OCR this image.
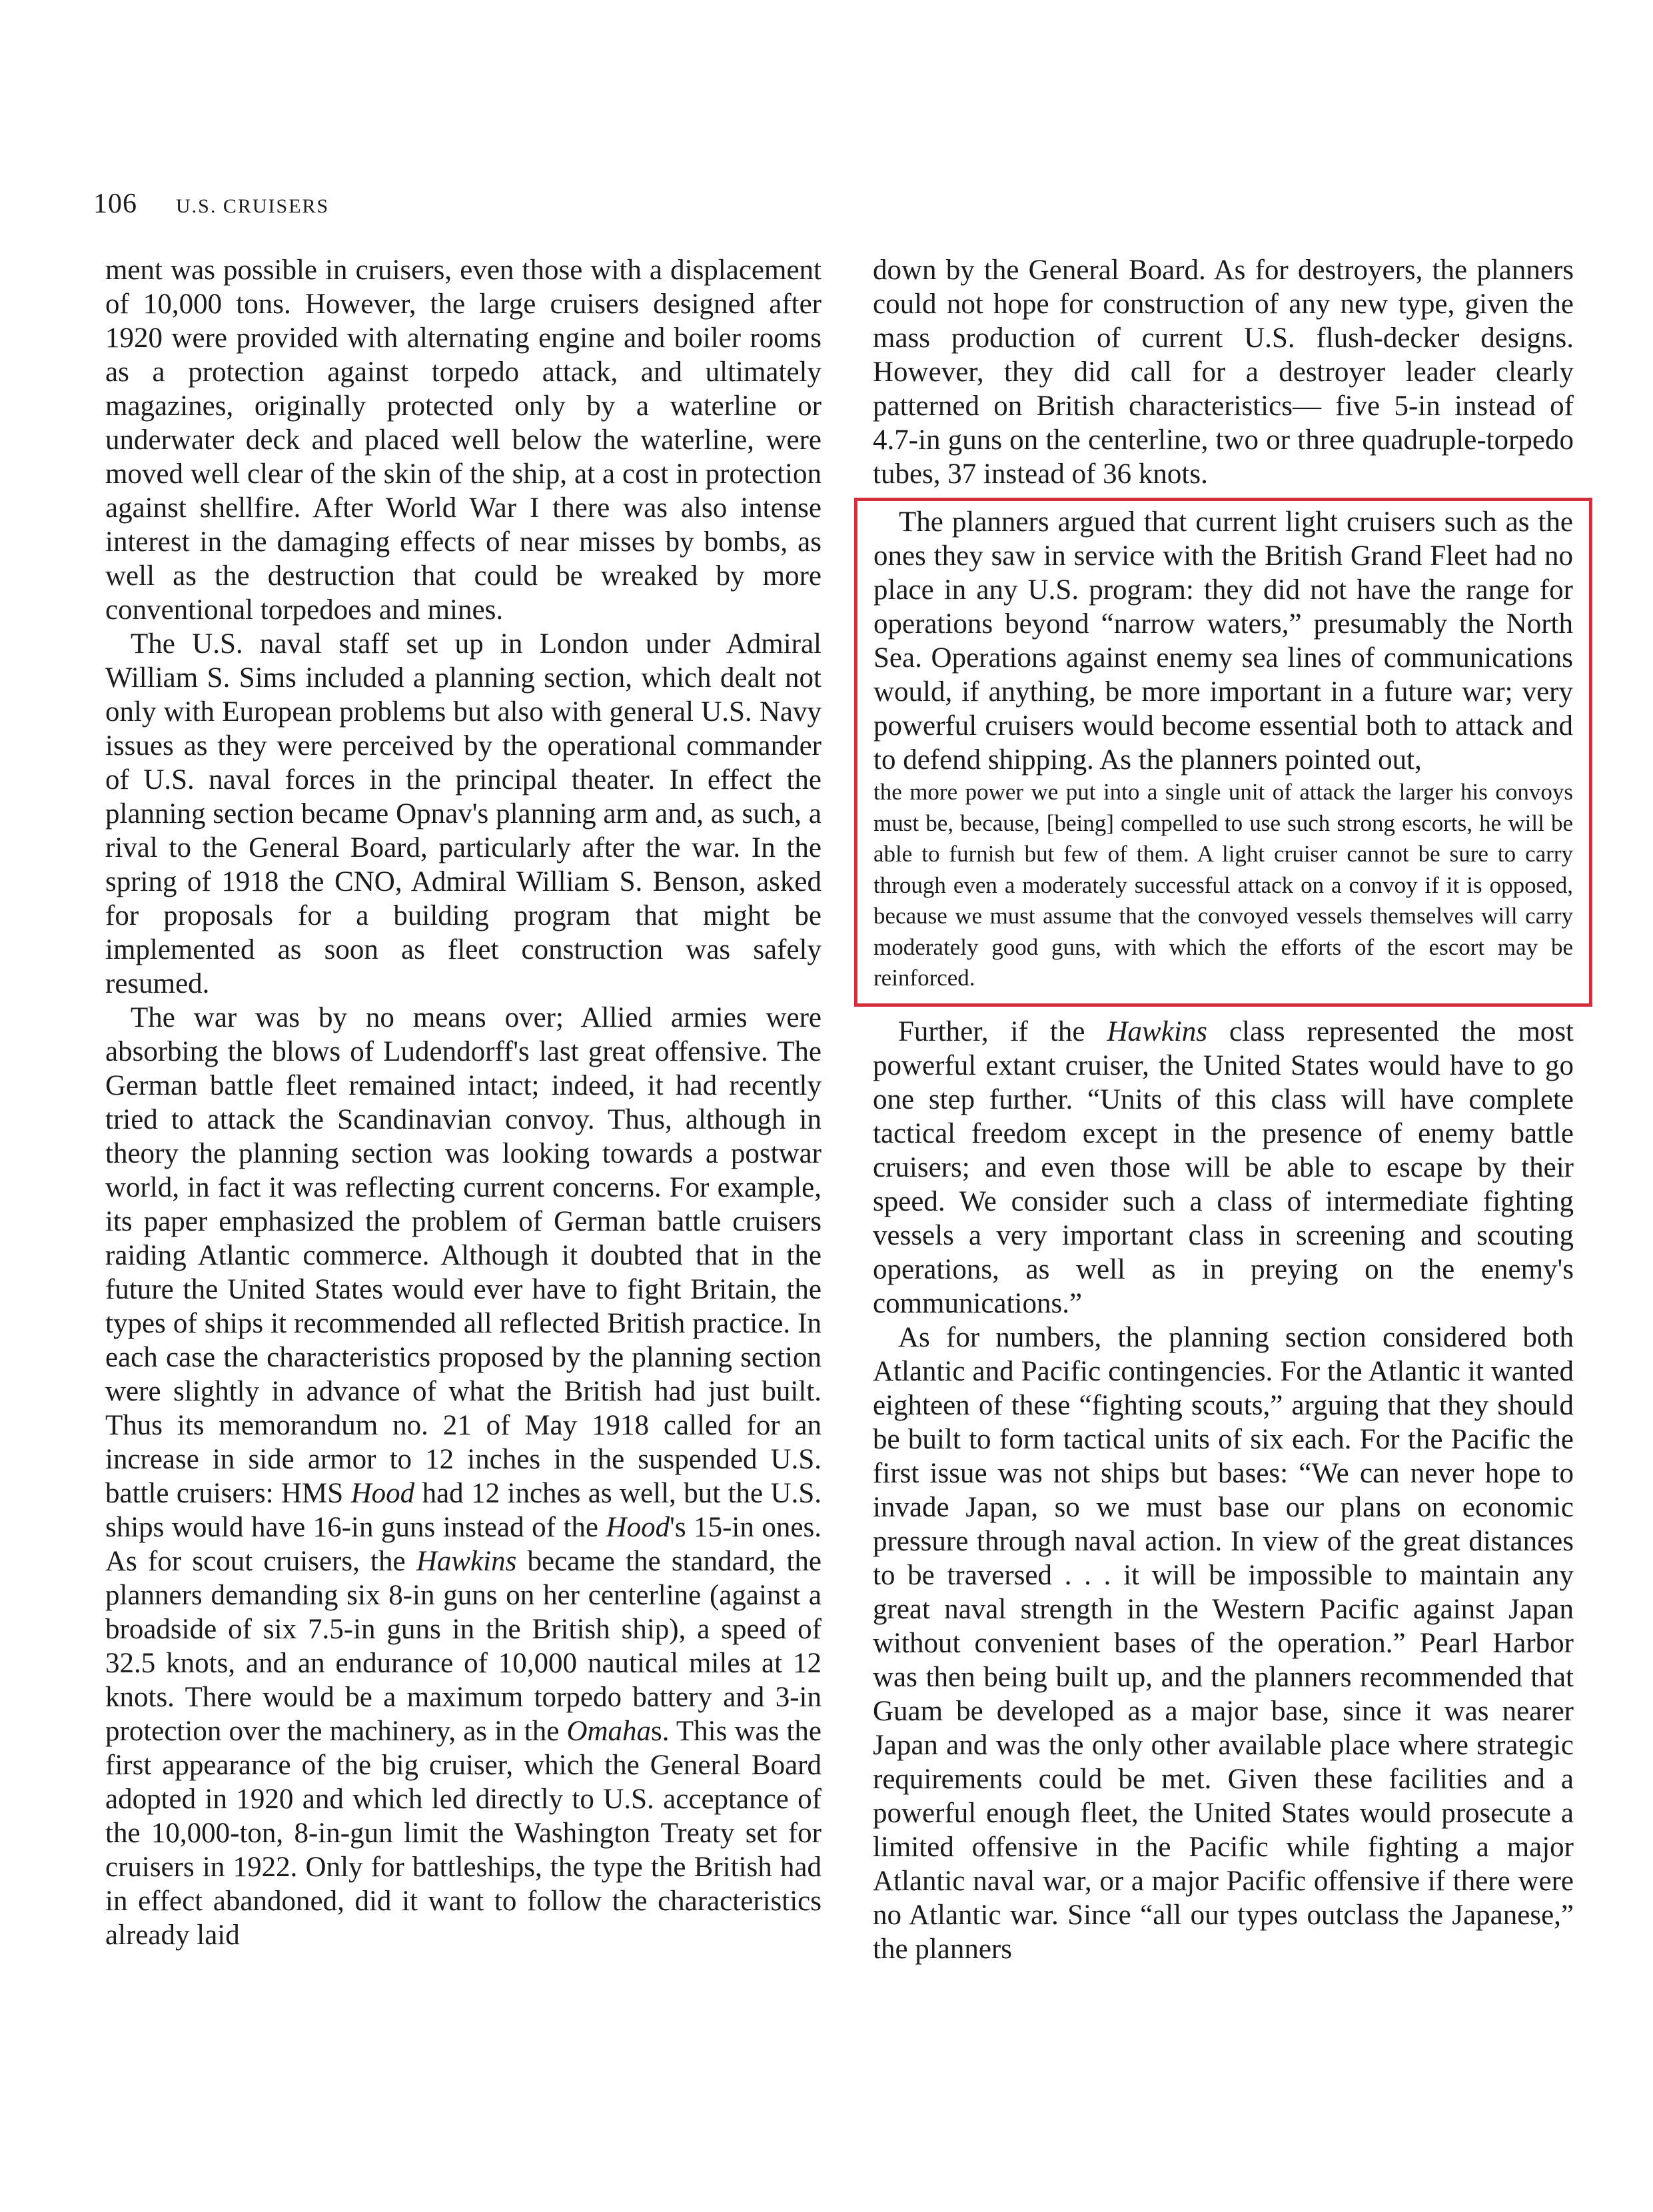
106 U.S. CRUISERS

ment was possible in cruisers, even those with a displacement of 10,000 tons. However, the large cruisers designed after 1920 were provided with alternating engine and boiler rooms as a protection against torpedo attack, and ultimately magazines, originally protected only by a waterline or underwater deck and placed well below the waterline, were moved well clear of the skin of the ship, at a cost in protection against shellfire. After World War I there was also intense interest in the damaging effects of near misses by bombs, as well as the destruction that could be wreaked by more conventional torpedoes and mines.

The U.S. naval staff set up in London under Admiral William S. Sims included a planning section, which dealt not only with European problems but also with general U.S. Navy issues as they were perceived by the operational commander of U.S. naval forces in the principal theater. In effect the planning section became Opnav's planning arm and, as such, a rival to the General Board, particularly after the war. In the spring of 1918 the CNO, Admiral William S. Benson, asked for proposals for a building program that might be implemented as soon as fleet construction was safely resumed.

The war was by no means over; Allied armies were absorbing the blows of Ludendorff's last great offensive. The German battle fleet remained intact; indeed, it had recently tried to attack the Scandinavian convoy. Thus, although in theory the planning section was looking towards a postwar world, in fact it was reflecting current concerns. For example, its paper emphasized the problem of German battle cruisers raiding Atlantic commerce. Although it doubted that in the future the United States would ever have to fight Britain, the types of ships it recommended all reflected British practice. In each case the characteristics proposed by the planning section were slightly in advance of what the British had just built. Thus its memorandum no. 21 of May 1918 called for an increase in side armor to 12 inches in the suspended U.S. battle cruisers: HMS Hood had 12 inches as well, but the U.S. ships would have 16-in guns instead of the Hood's 15-in ones. As for scout cruisers, the Hawkins became the standard, the planners demanding six 8-in guns on her centerline (against a broadside of six 7.5-in guns in the British ship), a speed of 32.5 knots, and an endurance of 10,000 nautical miles at 12 knots. There would be a maximum torpedo battery and 3-in protection over the machinery, as in the Omahas. This was the first appearance of the big cruiser, which the General Board adopted in 1920 and which led directly to U.S. acceptance of the 10,000-ton, 8-in-gun limit the Washington Treaty set for cruisers in 1922. Only for battleships, the type the British had in effect abandoned, did it want to follow the characteristics already laid

down by the General Board. As for destroyers, the planners could not hope for construction of any new type, given the mass production of current U.S. flush-decker designs. However, they did call for a destroyer leader clearly patterned on British characteristics— five 5-in instead of 4.7-in guns on the centerline, two or three quadruple-torpedo tubes, 37 instead of 36 knots.

The planners argued that current light cruisers such as the ones they saw in service with the British Grand Fleet had no place in any U.S. program: they did not have the range for operations beyond “narrow waters,” presumably the North Sea. Operations against enemy sea lines of communications would, if anything, be more important in a future war; very powerful cruisers would become essential both to attack and to defend shipping. As the planners pointed out,

the more power we put into a single unit of attack the larger his convoys must be, because, [being] compelled to use such strong escorts, he will be able to furnish but few of them. A light cruiser cannot be sure to carry through even a moderately successful attack on a convoy if it is opposed, because we must assume that the convoyed vessels themselves will carry moderately good guns, with which the efforts of the escort may be reinforced.

Further, if the Hawkins class represented the most powerful extant cruiser, the United States would have to go one step further. “Units of this class will have complete tactical freedom except in the presence of enemy battle cruisers; and even those will be able to escape by their speed. We consider such a class of intermediate fighting vessels a very important class in screening and scouting operations, as well as in preying on the enemy's communications.”

As for numbers, the planning section considered both Atlantic and Pacific contingencies. For the Atlantic it wanted eighteen of these “fighting scouts,” arguing that they should be built to form tactical units of six each. For the Pacific the first issue was not ships but bases: “We can never hope to invade Japan, so we must base our plans on economic pressure through naval action. In view of the great distances to be traversed . . . it will be impossible to maintain any great naval strength in the Western Pacific against Japan without convenient bases of the operation.” Pearl Harbor was then being built up, and the planners recommended that Guam be developed as a major base, since it was nearer Japan and was the only other available place where strategic requirements could be met. Given these facilities and a powerful enough fleet, the United States would prosecute a limited offensive in the Pacific while fighting a major Atlantic naval war, or a major Pacific offensive if there were no Atlantic war. Since “all our types outclass the Japanese,” the planners
